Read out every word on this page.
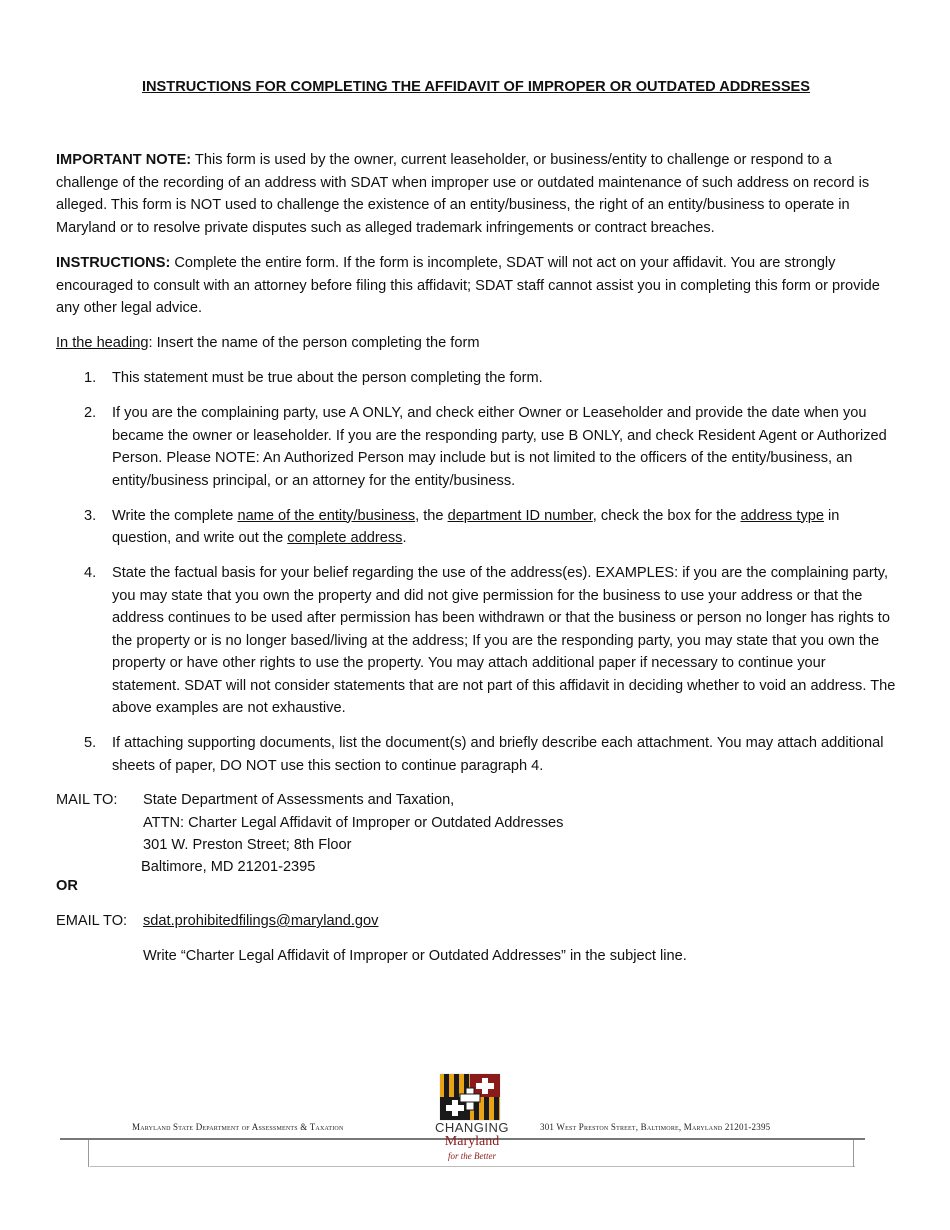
INSTRUCTIONS FOR COMPLETING THE AFFIDAVIT OF IMPROPER OR OUTDATED ADDRESSES

IMPORTANT NOTE: This form is used by the owner, current leaseholder, or business/entity to challenge or respond to a challenge of the recording of an address with SDAT when improper use or outdated maintenance of such address on record is alleged. This form is NOT used to challenge the existence of an entity/business, the right of an entity/business to operate in Maryland or to resolve private disputes such as alleged trademark infringements or contract breaches.

INSTRUCTIONS: Complete the entire form. If the form is incomplete, SDAT will not act on your affidavit. You are strongly encouraged to consult with an attorney before filing this affidavit; SDAT staff cannot assist you in completing this form or provide any other legal advice.

In the heading: Insert the name of the person completing the form

1. This statement must be true about the person completing the form.
2. If you are the complaining party, use A ONLY, and check either Owner or Leaseholder and provide the date when you became the owner or leaseholder. If you are the responding party, use B ONLY, and check Resident Agent or Authorized Person. Please NOTE: An Authorized Person may include but is not limited to the officers of the entity/business, an entity/business principal, or an attorney for the entity/business.
3. Write the complete name of the entity/business, the department ID number, check the box for the address type in question, and write out the complete address.
4. State the factual basis for your belief regarding the use of the address(es). EXAMPLES: if you are the complaining party, you may state that you own the property and did not give permission for the business to use your address or that the address continues to be used after permission has been withdrawn or that the business or person no longer has rights to the property or is no longer based/living at the address; If you are the responding party, you may state that you own the property or have other rights to use the property. You may attach additional paper if necessary to continue your statement. SDAT will not consider statements that are not part of this affidavit in deciding whether to void an address. The above examples are not exhaustive.
5. If attaching supporting documents, list the document(s) and briefly describe each attachment. You may attach additional sheets of paper, DO NOT use this section to continue paragraph 4.
MAIL TO: State Department of Assessments and Taxation,
ATTN: Charter Legal Affidavit of Improper or Outdated Addresses
301 W. Preston Street; 8th Floor
Baltimore, MD 21201-2395
OR
EMAIL TO: sdat.prohibitedfilings@maryland.gov
Write “Charter Legal Affidavit of Improper or Outdated Addresses” in the subject line.
Maryland State Department of Assessments & Taxation	301 West Preston Street, Baltimore, Maryland 21201-2395
CHANGING
Maryland
for the Better
